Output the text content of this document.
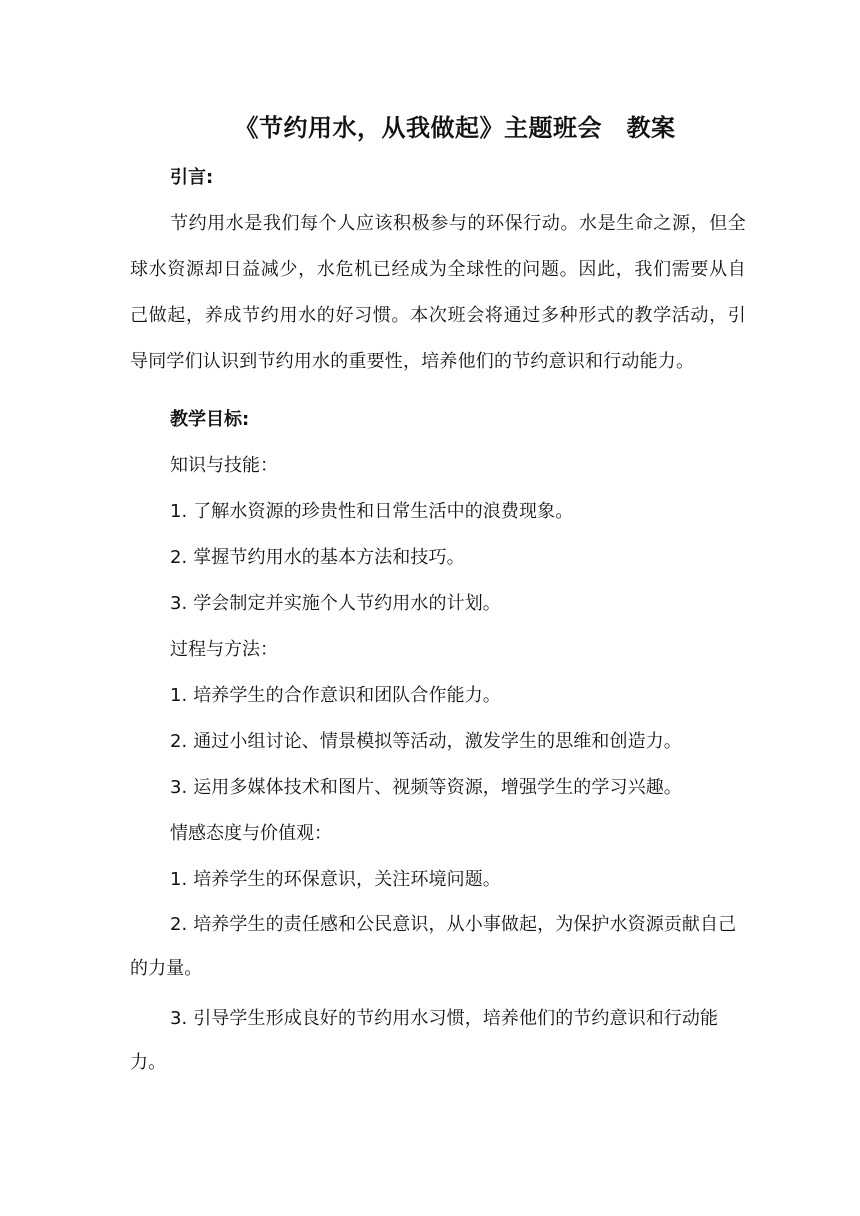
《节约用水，从我做起》主题班会　教案

引言:

节约用水是我们每个人应该积极参与的环保行动。水是生命之源，但全球水资源却日益减少，水危机已经成为全球性的问题。因此，我们需要从自己做起，养成节约用水的好习惯。本次班会将通过多种形式的教学活动，引导同学们认识到节约用水的重要性，培养他们的节约意识和行动能力。

教学目标:

知识与技能：

1. 了解水资源的珍贵性和日常生活中的浪费现象。

2. 掌握节约用水的基本方法和技巧。

3. 学会制定并实施个人节约用水的计划。

过程与方法：

1. 培养学生的合作意识和团队合作能力。

2. 通过小组讨论、情景模拟等活动，激发学生的思维和创造力。

3. 运用多媒体技术和图片、视频等资源，增强学生的学习兴趣。

情感态度与价值观：

1. 培养学生的环保意识，关注环境问题。

2. 培养学生的责任感和公民意识，从小事做起，为保护水资源贡献自己的力量。

3. 引导学生形成良好的节约用水习惯，培养他们的节约意识和行动能力。
